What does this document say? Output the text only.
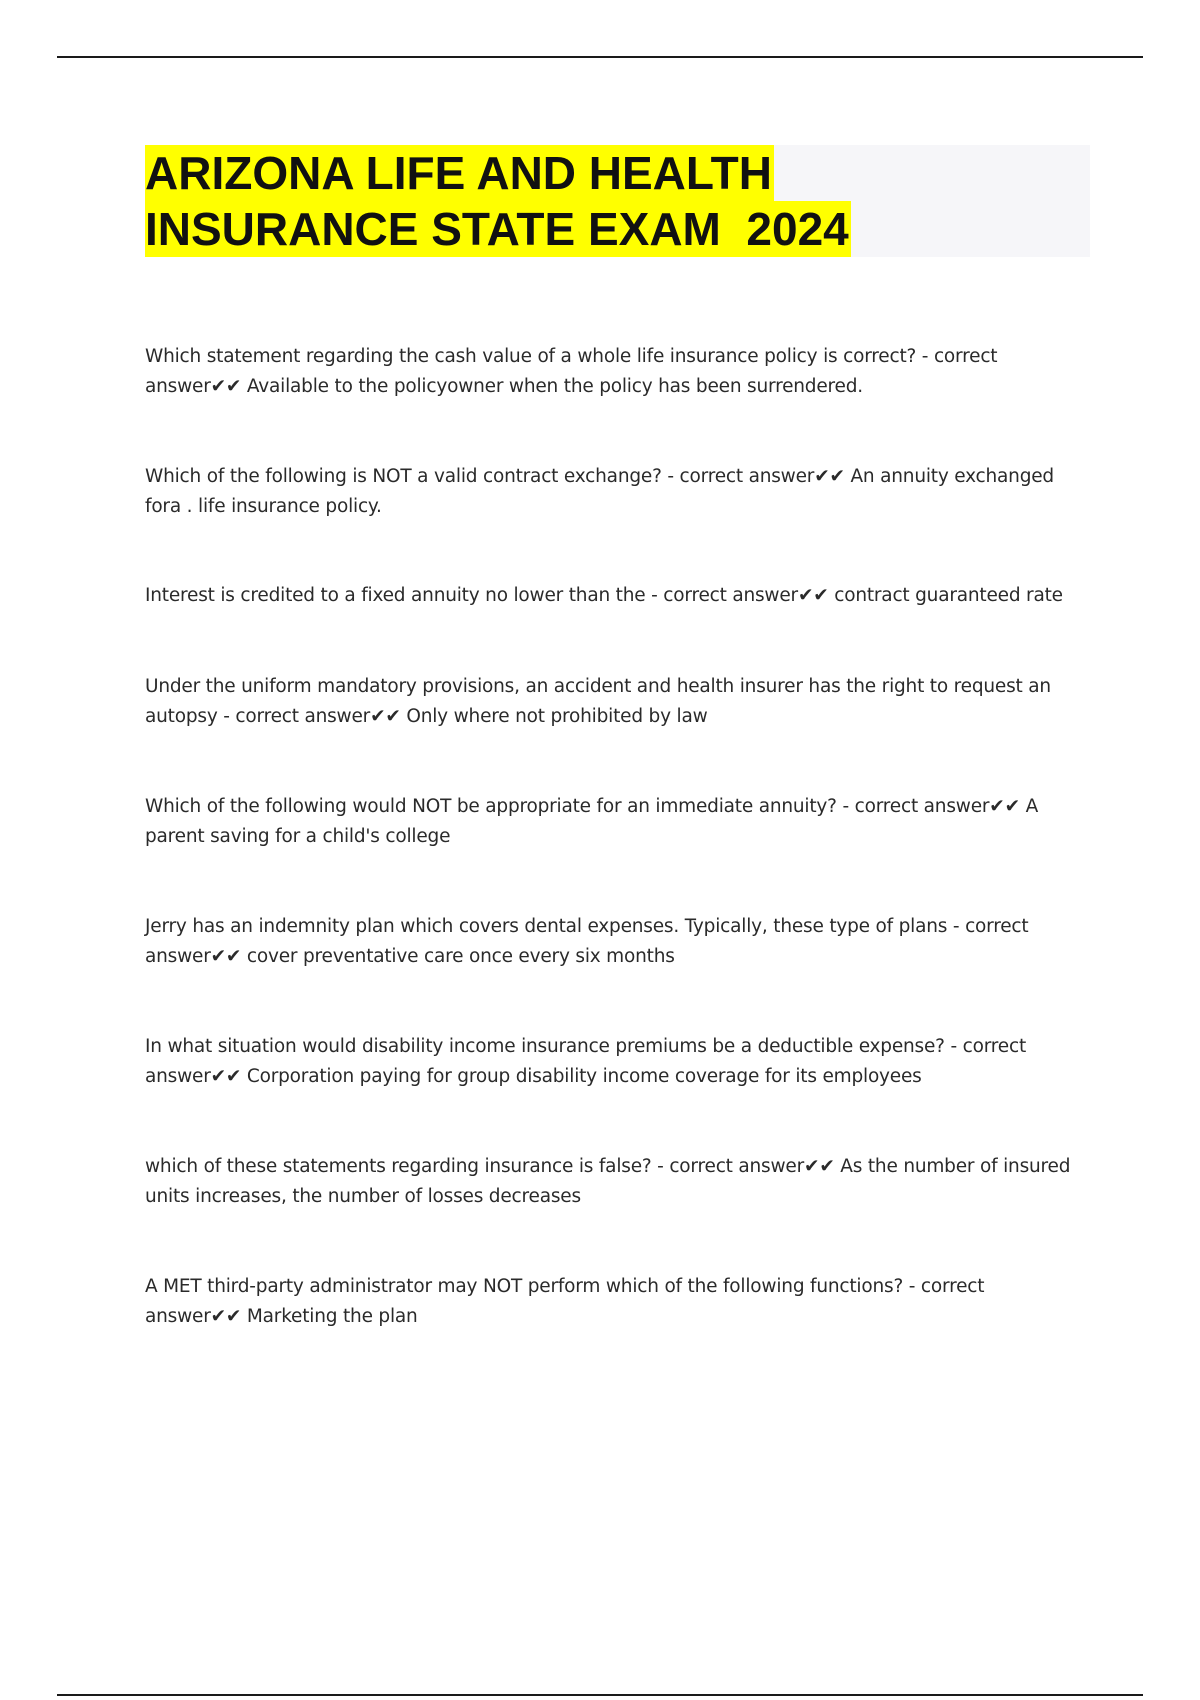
ARIZONA LIFE AND HEALTH
INSURANCE STATE EXAM  2024

Which statement regarding the cash value of a whole life insurance policy is correct? - correct answer✔✔ Available to the policyowner when the policy has been surrendered.

Which of the following is NOT a valid contract exchange? - correct answer✔✔ An annuity exchanged fora . life insurance policy.

Interest is credited to a fixed annuity no lower than the - correct answer✔✔ contract guaranteed rate

Under the uniform mandatory provisions, an accident and health insurer has the right to request an autopsy - correct answer✔✔ Only where not prohibited by law

Which of the following would NOT be appropriate for an immediate annuity? - correct answer✔✔ A parent saving for a child's college

Jerry has an indemnity plan which covers dental expenses. Typically, these type of plans - correct answer✔✔ cover preventative care once every six months

In what situation would disability income insurance premiums be a deductible expense? - correct answer✔✔ Corporation paying for group disability income coverage for its employees

which of these statements regarding insurance is false? - correct answer✔✔ As the number of insured units increases, the number of losses decreases

A MET third-party administrator may NOT perform which of the following functions? - correct answer✔✔ Marketing the plan
